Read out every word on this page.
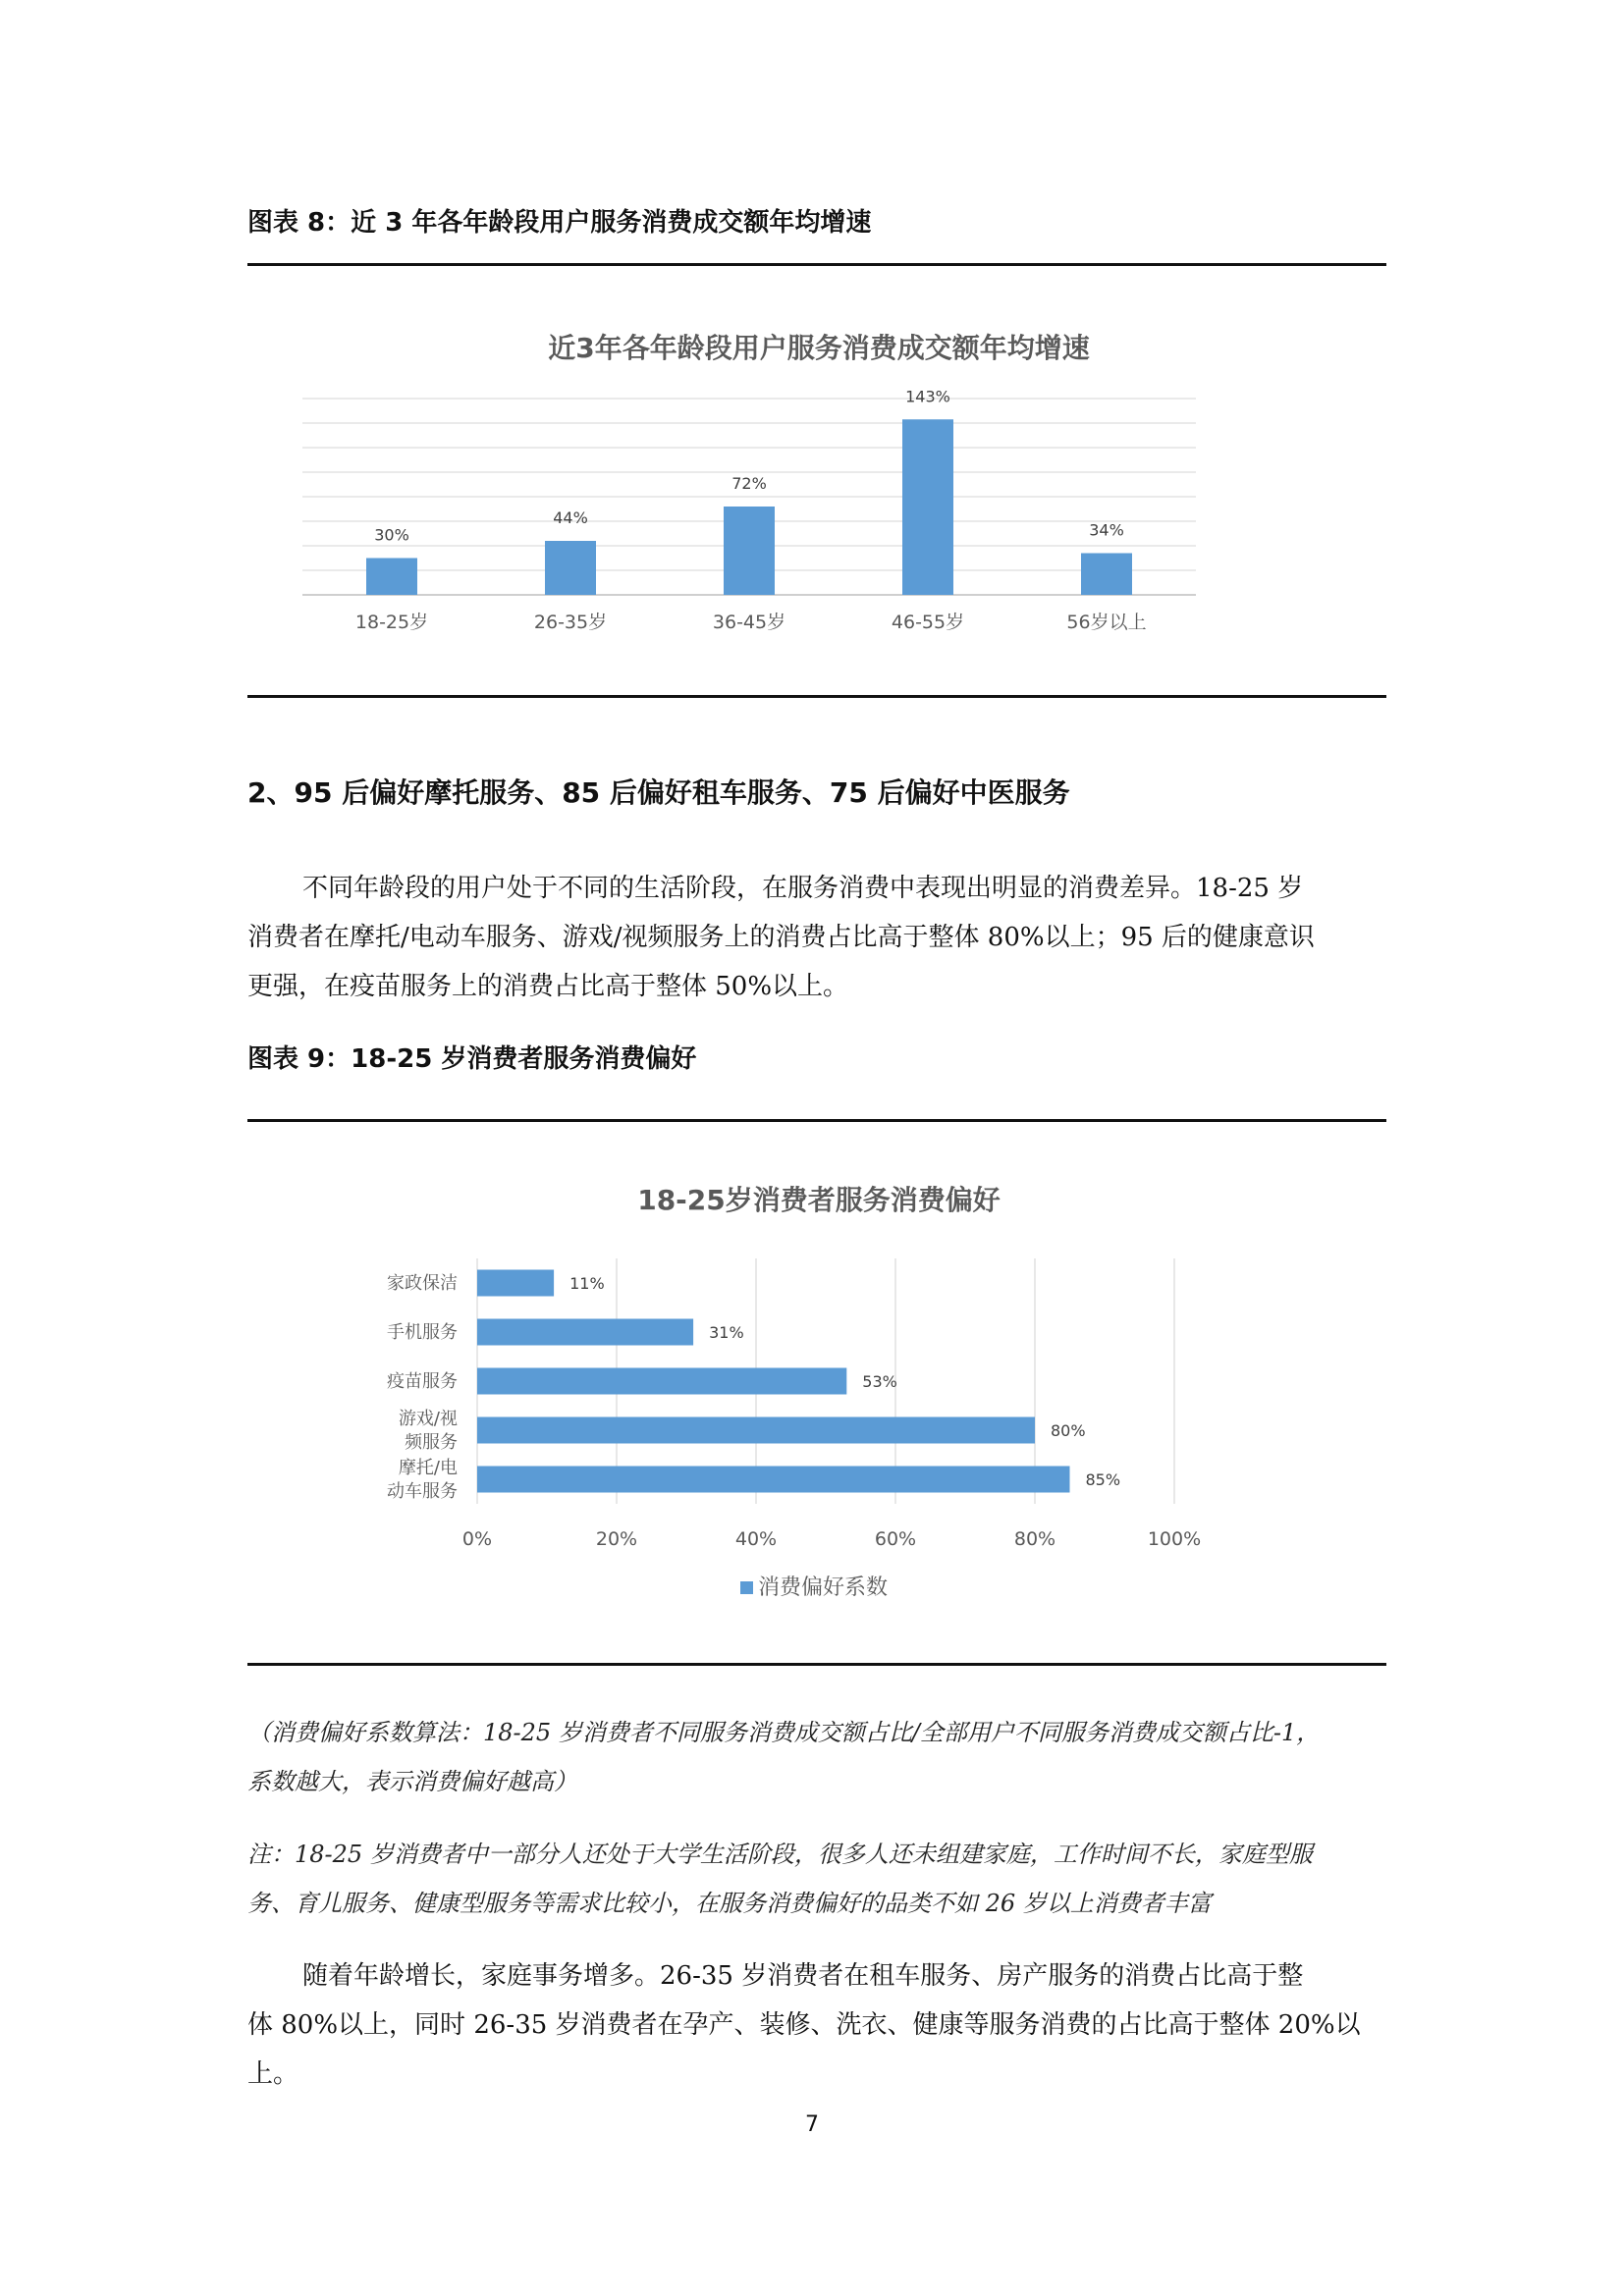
图表 8：近 3 年各年龄段用户服务消费成交额年均增速
近3年各年龄段用户服务消费成交额年均增速
30%
44%
72%
143%
34%
18-25岁	26-35岁	36-45岁	46-55岁	56岁以上
2、95 后偏好摩托服务、85 后偏好租车服务、75 后偏好中医服务
不同年龄段的用户处于不同的生活阶段，在服务消费中表现出明显的消费差异。18-25 岁
消费者在摩托/电动车服务、游戏/视频服务上的消费占比高于整体 80%以上；95 后的健康意识
更强，在疫苗服务上的消费占比高于整体 50%以上。
图表 9：18-25 岁消费者服务消费偏好
18-25岁消费者服务消费偏好
11%
31%
53%
80%
85%
家政保洁
手机服务
疫苗服务
游戏/视频服务
摩托/电动车服务
0%	20%	40%	60%	80%	100%
消费偏好系数
（消费偏好系数算法：18-25 岁消费者不同服务消费成交额占比/全部用户不同服务消费成交额占比-1，
系数越大，表示消费偏好越高）
注：18-25 岁消费者中一部分人还处于大学生活阶段，很多人还未组建家庭，工作时间不长，家庭型服
务、育儿服务、健康型服务等需求比较小，在服务消费偏好的品类不如 26 岁以上消费者丰富
随着年龄增长，家庭事务增多。26-35 岁消费者在租车服务、房产服务的消费占比高于整
体 80%以上，同时 26-35 岁消费者在孕产、装修、洗衣、健康等服务消费的占比高于整体 20%以
上。
7
